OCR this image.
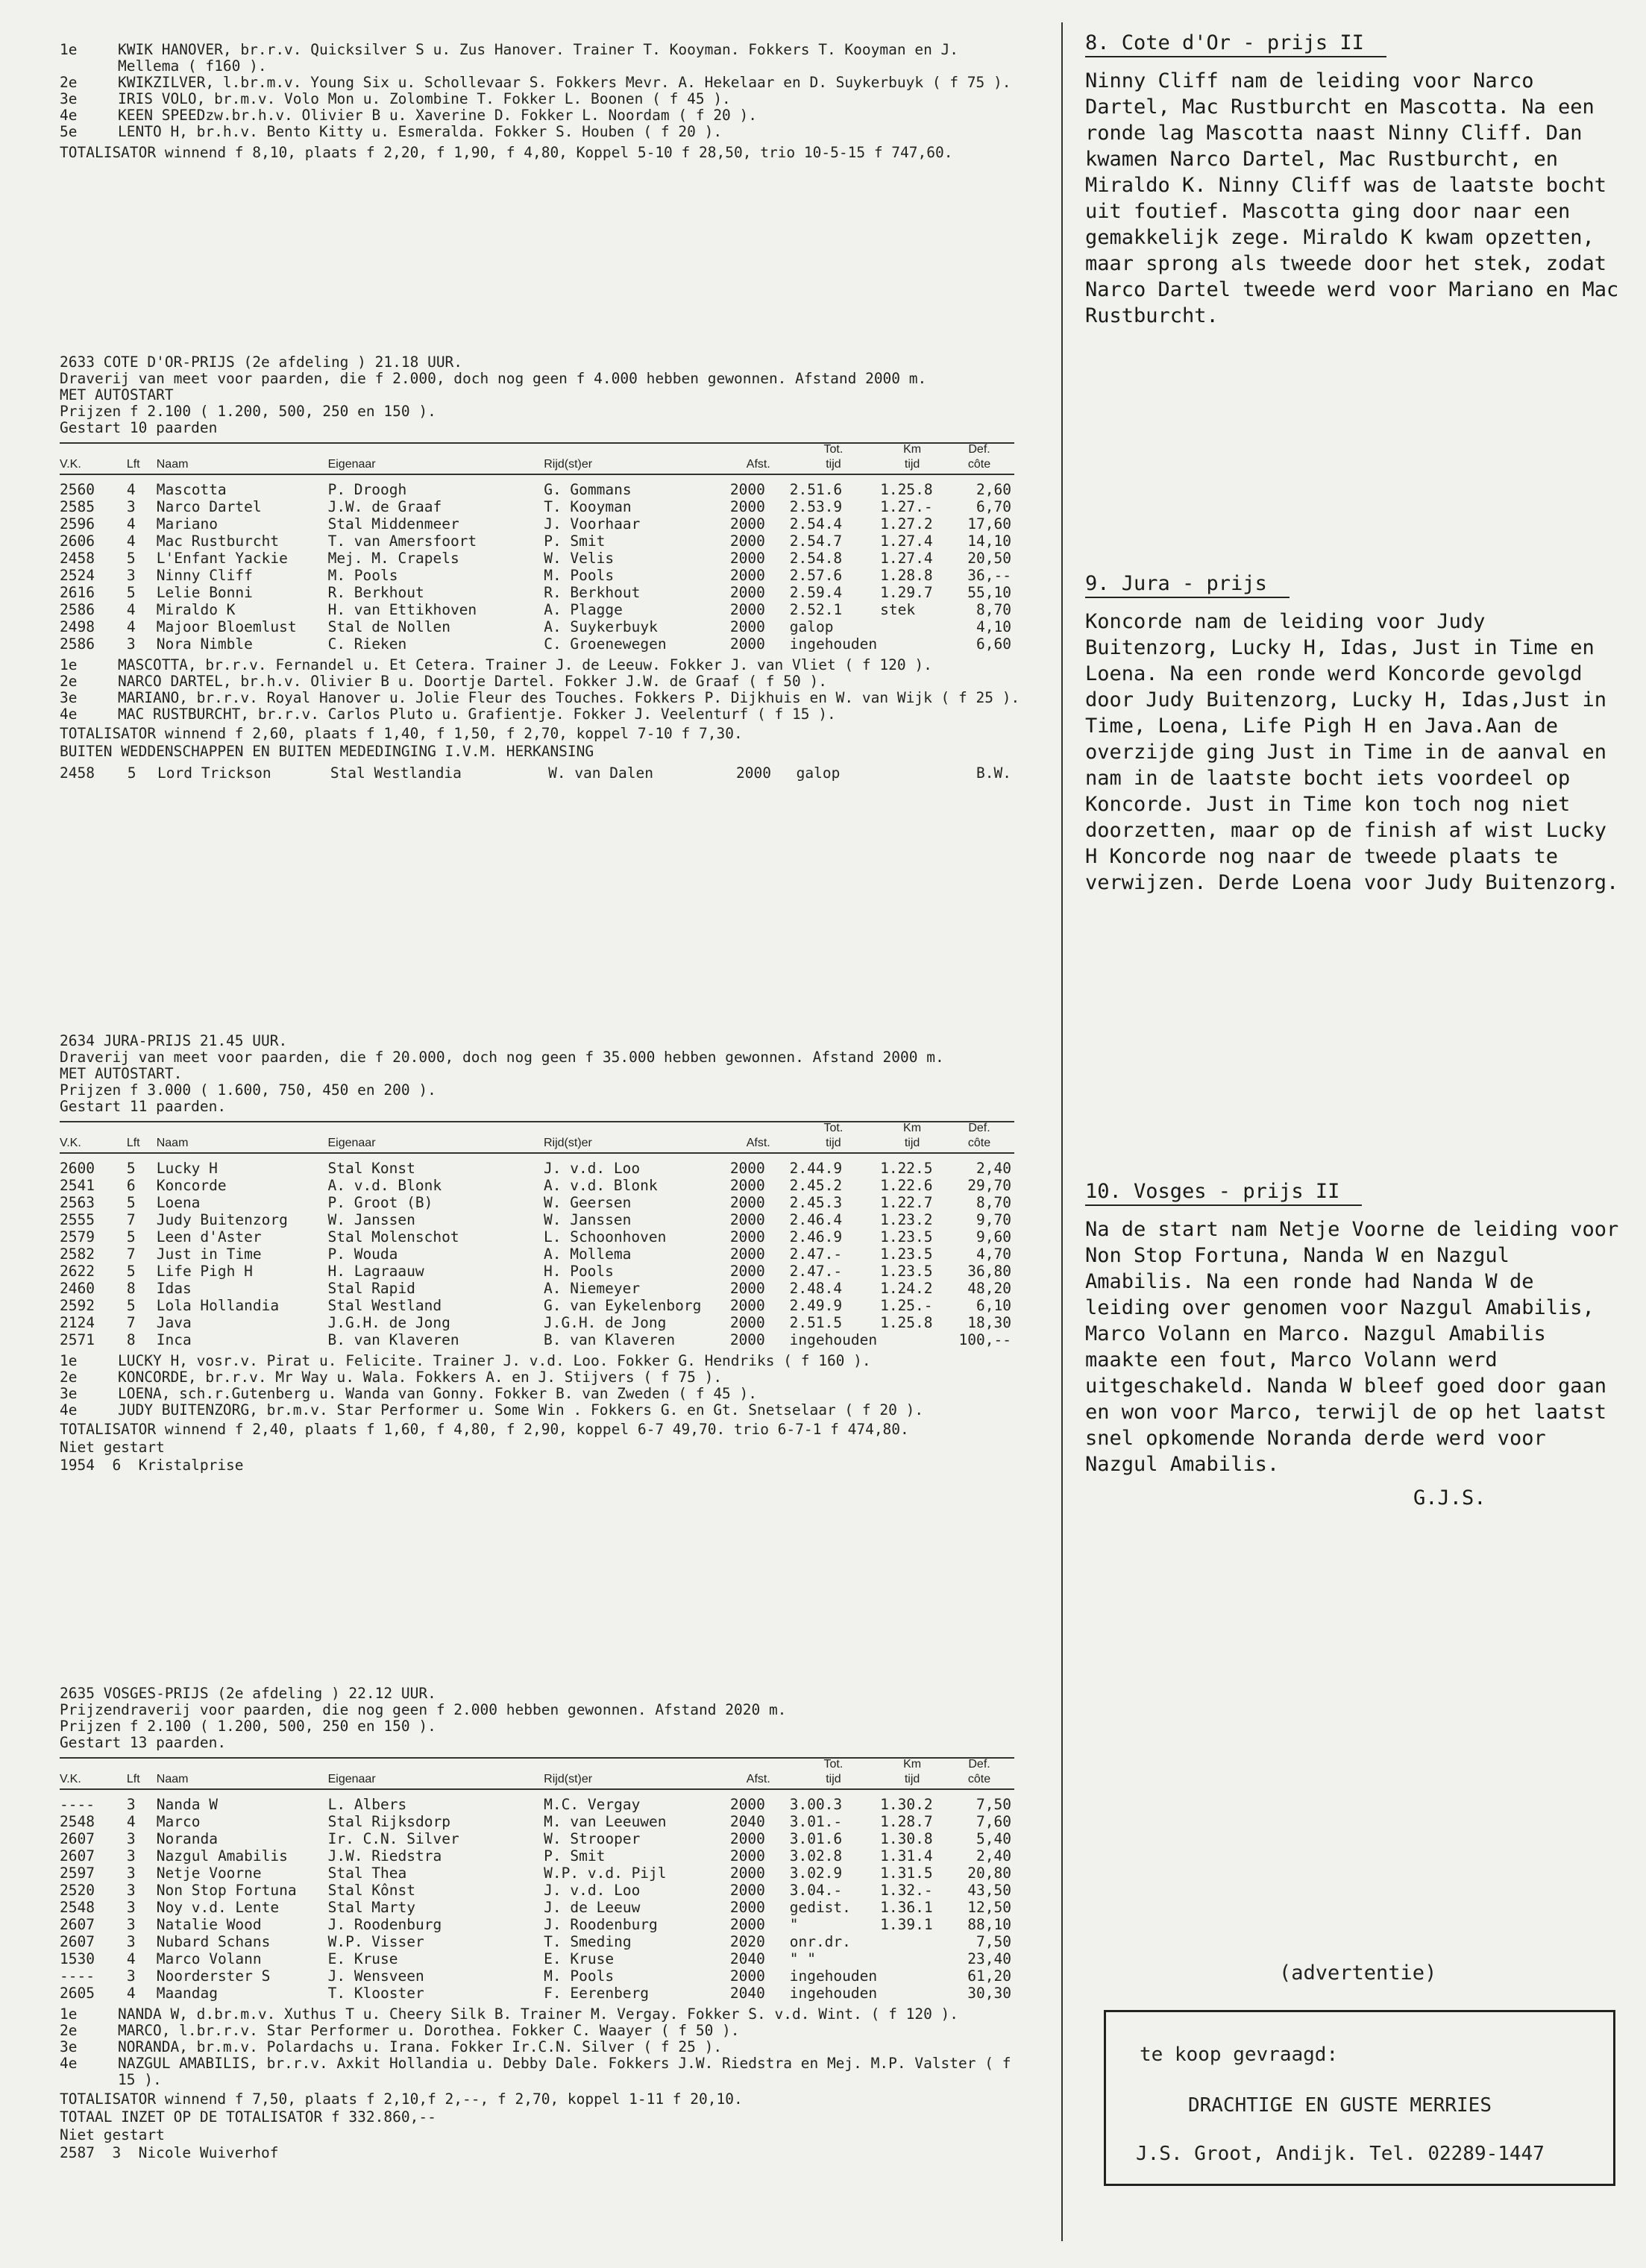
1e	KWIK HANOVER, br.r.v. Quicksilver S u. Zus Hanover. Trainer T. Kooyman. Fokkers T. Kooyman en J. Mellema ( f160 ).
2e	KWIKZILVER, l.br.m.v. Young Six u. Schollevaar S. Fokkers Mevr. A. Hekelaar en D. Suykerbuyk ( f 75 ).
3e	IRIS VOLO, br.m.v. Volo Mon u. Zolombine T. Fokker L. Boonen ( f 45 ).
4e	KEEN SPEEDzw.br.h.v. Olivier B u. Xaverine D. Fokker L. Noordam ( f 20 ).
5e	LENTO H, br.h.v. Bento Kitty u. Esmeralda. Fokker S. Houben ( f 20 ).
TOTALISATOR winnend f 8,10, plaats f 2,20, f 1,90, f 4,80, Koppel 5-10 f 28,50, trio 10-5-15 f 747,60.
2633 COTE D'OR-PRIJS (2e afdeling ) 21.18 UUR.
Draverij van meet voor paarden, die f 2.000, doch nog geen f 4.000 hebben gewonnen. Afstand 2000 m.
MET AUTOSTART
Prijzen f 2.100 ( 1.200, 500, 250 en 150 ).
Gestart 10 paarden
						Tot.	Km	Def.
V.K.	Lft	Naam	Eigenaar	Rijd(st)er	Afst.	tijd	tijd	côte

2560	4	Mascotta	P. Droogh	G. Gommans	2000	2.51.6	1.25.8	2,60
2585	3	Narco Dartel	J.W. de Graaf	T. Kooyman	2000	2.53.9	1.27.-	6,70
2596	4	Mariano	Stal Middenmeer	J. Voorhaar	2000	2.54.4	1.27.2	17,60
2606	4	Mac Rustburcht	T. van Amersfoort	P. Smit	2000	2.54.7	1.27.4	14,10
2458	5	L'Enfant Yackie	Mej. M. Crapels	W. Velis	2000	2.54.8	1.27.4	20,50
2524	3	Ninny Cliff	M. Pools	M. Pools	2000	2.57.6	1.28.8	36,--
2616	5	Lelie Bonni	R. Berkhout	R. Berkhout	2000	2.59.4	1.29.7	55,10
2586	4	Miraldo K	H. van Ettikhoven	A. Plagge	2000	2.52.1	stek	8,70
2498	4	Majoor Bloemlust	Stal de Nollen	A. Suykerbuyk	2000	galop		4,10
2586	3	Nora Nimble	C. Rieken	C. Groenewegen	2000	ingehouden		6,60
1e	MASCOTTA, br.r.v. Fernandel u. Et Cetera. Trainer J. de Leeuw. Fokker J. van Vliet ( f 120 ).
2e	NARCO DARTEL, br.h.v. Olivier B u. Doortje Dartel. Fokker J.W. de Graaf ( f 50 ).
3e	MARIANO, br.r.v. Royal Hanover u. Jolie Fleur des Touches. Fokkers P. Dijkhuis en W. van Wijk ( f 25 ).
4e	MAC RUSTBURCHT, br.r.v. Carlos Pluto u. Grafientje. Fokker J. Veelenturf ( f 15 ).
TOTALISATOR winnend f 2,60, plaats f 1,40, f 1,50, f 2,70, koppel 7-10 f 7,30.
BUITEN WEDDENSCHAPPEN EN BUITEN MEDEDINGING I.V.M. HERKANSING
2458	5	Lord Trickson	Stal Westlandia	W. van Dalen	2000	galop		B.W.
2634 JURA-PRIJS 21.45 UUR.
Draverij van meet voor paarden, die f 20.000, doch nog geen f 35.000 hebben gewonnen. Afstand 2000 m.
MET AUTOSTART.
Prijzen f 3.000 ( 1.600, 750, 450 en 200 ).
Gestart 11 paarden.
						Tot.	Km	Def.
V.K.	Lft	Naam	Eigenaar	Rijd(st)er	Afst.	tijd	tijd	côte

2600	5	Lucky H	Stal Konst	J. v.d. Loo	2000	2.44.9	1.22.5	2,40
2541	6	Koncorde	A. v.d. Blonk	A. v.d. Blonk	2000	2.45.2	1.22.6	29,70
2563	5	Loena	P. Groot (B)	W. Geersen	2000	2.45.3	1.22.7	8,70
2555	7	Judy Buitenzorg	W. Janssen	W. Janssen	2000	2.46.4	1.23.2	9,70
2579	5	Leen d'Aster	Stal Molenschot	L. Schoonhoven	2000	2.46.9	1.23.5	9,60
2582	7	Just in Time	P. Wouda	A. Mollema	2000	2.47.-	1.23.5	4,70
2622	5	Life Pigh H	H. Lagraauw	H. Pools	2000	2.47.-	1.23.5	36,80
2460	8	Idas	Stal Rapid	A. Niemeyer	2000	2.48.4	1.24.2	48,20
2592	5	Lola Hollandia	Stal Westland	G. van Eykelenborg	2000	2.49.9	1.25.-	6,10
2124	7	Java	J.G.H. de Jong	J.G.H. de Jong	2000	2.51.5	1.25.8	18,30
2571	8	Inca	B. van Klaveren	B. van Klaveren	2000	ingehouden		100,--
1e	LUCKY H, vosr.v. Pirat u. Felicite. Trainer J. v.d. Loo. Fokker G. Hendriks ( f 160 ).
2e	KONCORDE, br.r.v. Mr Way u. Wala. Fokkers A. en J. Stijvers ( f 75 ).
3e	LOENA, sch.r.Gutenberg u. Wanda van Gonny. Fokker B. van Zweden ( f 45 ).
4e	JUDY BUITENZORG, br.m.v. Star Performer u. Some Win . Fokkers G. en Gt. Snetselaar ( f 20 ).
TOTALISATOR winnend f 2,40, plaats f 1,60, f 4,80, f 2,90, koppel 6-7 49,70. trio 6-7-1 f 474,80.
Niet gestart
1954  6  Kristalprise
2635 VOSGES-PRIJS (2e afdeling ) 22.12 UUR.
Prijzendraverij voor paarden, die nog geen f 2.000 hebben gewonnen. Afstand 2020 m.
Prijzen f 2.100 ( 1.200, 500, 250 en 150 ).
Gestart 13 paarden.
						Tot.	Km	Def.
V.K.	Lft	Naam	Eigenaar	Rijd(st)er	Afst.	tijd	tijd	côte

----	3	Nanda W	L. Albers	M.C. Vergay	2000	3.00.3	1.30.2	7,50
2548	4	Marco	Stal Rijksdorp	M. van Leeuwen	2040	3.01.-	1.28.7	7,60
2607	3	Noranda	Ir. C.N. Silver	W. Strooper	2000	3.01.6	1.30.8	5,40
2607	3	Nazgul Amabilis	J.W. Riedstra	P. Smit	2000	3.02.8	1.31.4	2,40
2597	3	Netje Voorne	Stal Thea	W.P. v.d. Pijl	2000	3.02.9	1.31.5	20,80
2520	3	Non Stop Fortuna	Stal Kônst	J. v.d. Loo	2000	3.04.-	1.32.-	43,50
2548	3	Noy v.d. Lente	Stal Marty	J. de Leeuw	2000	gedist.	1.36.1	12,50
2607	3	Natalie Wood	J. Roodenburg	J. Roodenburg	2000	"	1.39.1	88,10
2607	3	Nubard Schans	W.P. Visser	T. Smeding	2020	onr.dr.		7,50
1530	4	Marco Volann	E. Kruse	E. Kruse	2040	" "		23,40
----	3	Noorderster S	J. Wensveen	M. Pools	2000	ingehouden		61,20
2605	4	Maandag	T. Klooster	F. Eerenberg	2040	ingehouden		30,30
1e	NANDA W, d.br.m.v. Xuthus T u. Cheery Silk B. Trainer M. Vergay. Fokker S. v.d. Wint. ( f 120 ).
2e	MARCO, l.br.r.v. Star Performer u. Dorothea. Fokker C. Waayer ( f 50 ).
3e	NORANDA, br.m.v. Polardachs u. Irana. Fokker Ir.C.N. Silver ( f 25 ).
4e	NAZGUL AMABILIS, br.r.v. Axkit Hollandia u. Debby Dale. Fokkers J.W. Riedstra en Mej. M.P. Valster ( f 15 ).
TOTALISATOR winnend f 7,50, plaats f 2,10,f 2,--, f 2,70, koppel 1-11 f 20,10.
TOTAAL INZET OP DE TOTALISATOR f 332.860,--
Niet gestart
2587  3  Nicole Wuiverhof
8. Cote d'Or - prijs II
Ninny Cliff nam de leiding voor Narco Dartel, Mac Rustburcht en Mascotta. Na een ronde lag Mascotta naast Ninny Cliff. Dan kwamen Narco Dartel, Mac Rustburcht, en Miraldo K. Ninny Cliff was de laatste bocht uit foutief. Mascotta ging door naar een gemakkelijk zege. Miraldo K kwam opzetten, maar sprong als tweede door het stek, zodat Narco Dartel tweede werd voor Mariano en Mac Rustburcht.
9. Jura - prijs
Koncorde nam de leiding voor Judy Buitenzorg, Lucky H, Idas, Just in Time en Loena. Na een ronde werd Koncorde gevolgd door Judy Buitenzorg, Lucky H, Idas,Just in Time, Loena, Life Pigh H en Java.Aan de overzijde ging Just in Time in de aanval en nam in de laatste bocht iets voordeel op Koncorde. Just in Time kon toch nog niet doorzetten, maar op de finish af wist Lucky H Koncorde nog naar de tweede plaats te verwijzen. Derde Loena voor Judy Buitenzorg.
10. Vosges - prijs II
Na de start nam Netje Voorne de leiding voor Non Stop Fortuna, Nanda W en Nazgul Amabilis. Na een ronde had Nanda W de leiding over genomen voor Nazgul Amabilis, Marco Volann en Marco. Nazgul Amabilis maakte een fout, Marco Volann werd uitgeschakeld. Nanda W bleef goed door gaan en won voor Marco, terwijl de op het laatst snel opkomende Noranda derde werd voor Nazgul Amabilis.
G.J.S.
(advertentie)
te koop gevraagd:
DRACHTIGE EN GUSTE MERRIES
J.S. Groot, Andijk. Tel. 02289-1447
